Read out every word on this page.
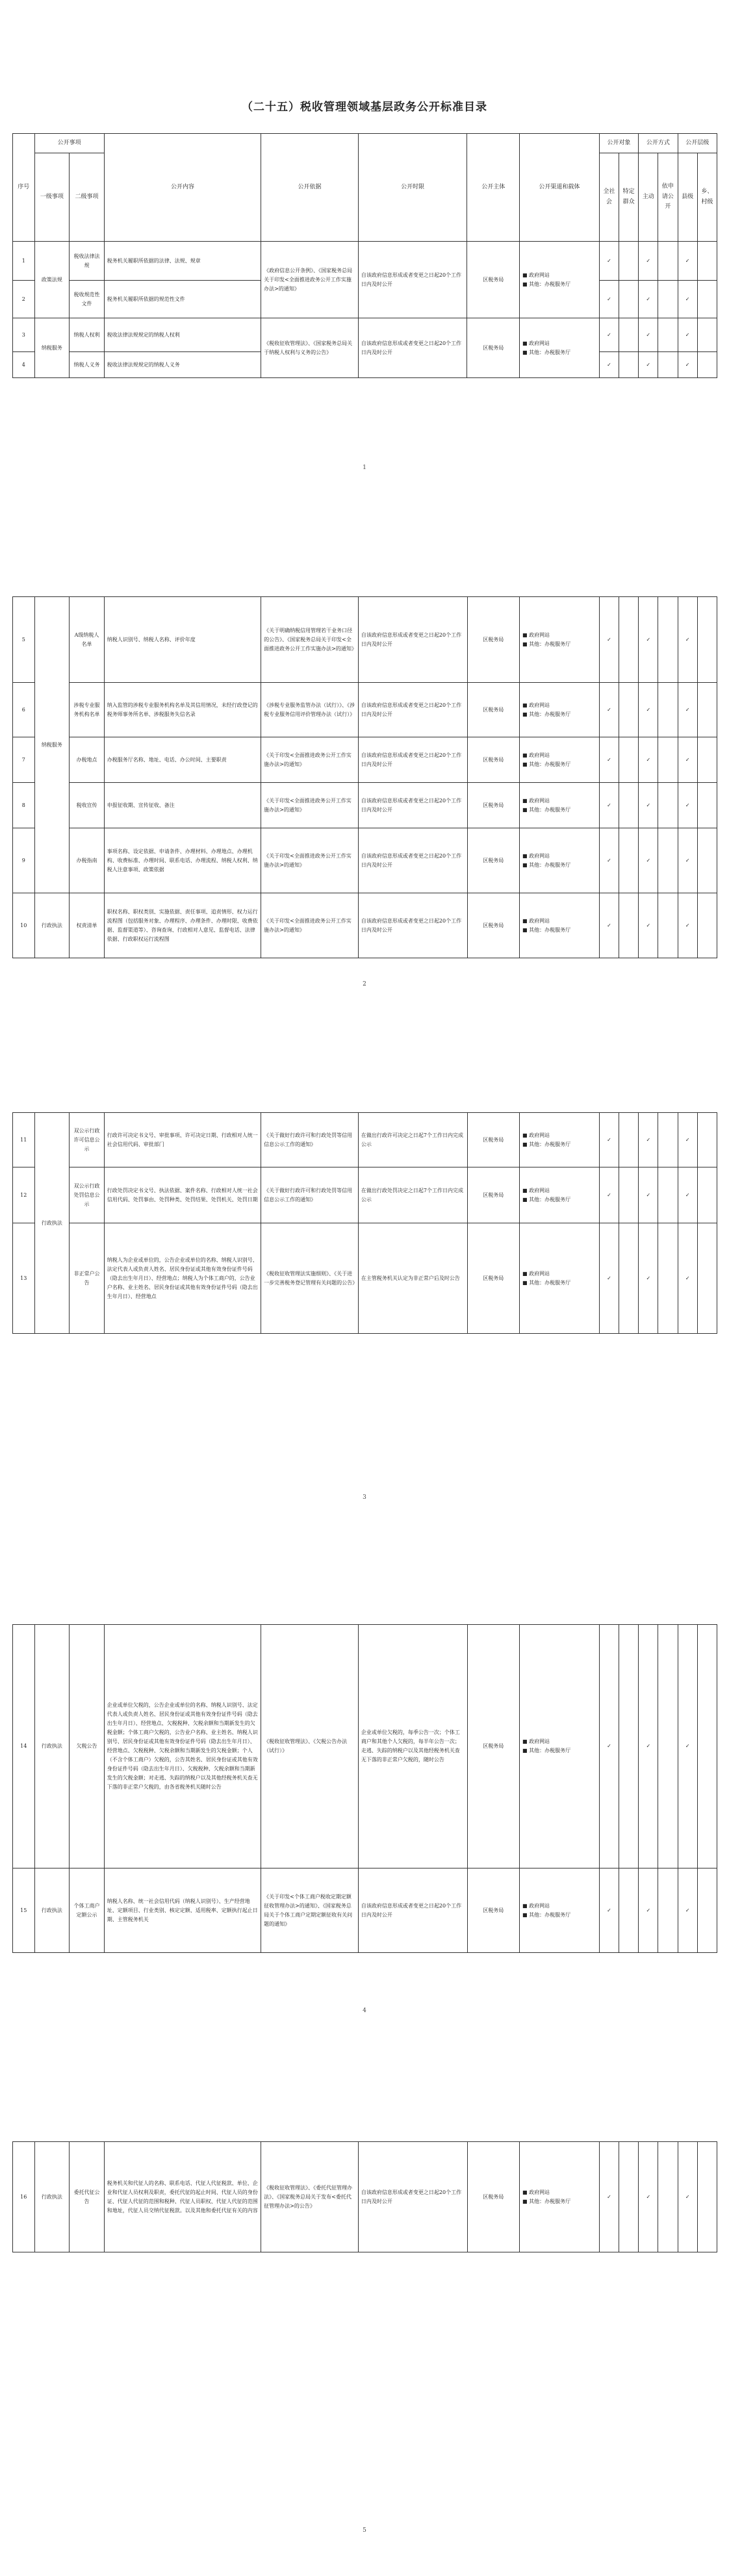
（二十五）税收管理领域基层政务公开标准目录
序号	公开事项		公开内容	公开依据	公开时限	公开主体	公开渠道和载体	公开对象		公开方式		公开层级	
	一级事项	二级事项						全社会	特定群众	主动	依申请公开	县级	乡、村级

1	政策法规	税收法律法规	税务机关履职所依据的法律、法规、规章	《政府信息公开条例》、《国家税务总局关于印发<全面推进政务公开工作实施办法>的通知》	自该政府信息形成或者变更之日起20个工作日内及时公开	区税务局	■ 政府网站
■ 其他：办税服务厅	✓		✓		✓	
2		税收规范性文件	税务机关履职所依据的规范性文件					✓		✓		✓	
3	纳税服务	纳税人权利	税收法律法规规定的纳税人权利	《税收征收管理法》、《国家税务总局关于纳税人权利与义务的公告》	自该政府信息形成或者变更之日起20个工作日内及时公开	区税务局	■ 政府网站
■ 其他：办税服务厅	✓		✓		✓	
4		纳税人义务	税收法律法规规定的纳税人义务					✓		✓		✓	
1
5	纳税服务	A级纳税人名单	纳税人识别号、纳税人名称、评价年度	《关于明确纳税信用管理若干业务口径的公告》、《国家税务总局关于印发<全面推进政务公开工作实施办法>的通知》	自该政府信息形成或者变更之日起20个工作日内及时公开	区税务局	■ 政府网站
■ 其他：办税服务厅	✓		✓		✓	
6		涉税专业服务机构名单	纳入监管的涉税专业服务机构名单及其信用情况，未经行政登记的税务师事务所名单、涉税服务失信名录	《涉税专业服务监管办法（试行）》、《涉税专业服务信用评价管理办法（试行）》	自该政府信息形成或者变更之日起20个工作日内及时公开	区税务局	■ 政府网站
■ 其他：办税服务厅	✓		✓		✓	
7		办税地点	办税服务厅名称、地址、电话、办公时间、主要职责	《关于印发<全面推进政务公开工作实施办法>的通知》	自该政府信息形成或者变更之日起20个工作日内及时公开	区税务局	■ 政府网站
■ 其他：办税服务厅	✓		✓		✓	
8		税收宣传	申报征收期、宣传征收、备注	《关于印发<全面推进政务公开工作实施办法>的通知》	自该政府信息形成或者变更之日起20个工作日内及时公开	区税务局	■ 政府网站
■ 其他：办税服务厅	✓		✓		✓	
9		办税指南	事项名称、设定依据、申请条件、办理材料、办理地点、办理机构、收费标准、办理时间、联系电话、办理流程、纳税人权利、纳税人注意事项、政策依据	《关于印发<全面推进政务公开工作实施办法>的通知》	自该政府信息形成或者变更之日起20个工作日内及时公开	区税务局	■ 政府网站
■ 其他：办税服务厅	✓		✓		✓	
10	行政执法	权责清单	职权名称、职权类别、实施依据、责任事项、追责情形、权力运行流程图（包括服务对象、办理程序、办理条件、办理时限、收费依据、监督渠道等）、咨询查询、行政相对人意见、监督电话、法律依据、行政职权运行流程图	《关于印发<全面推进政务公开工作实施办法>的通知》	自该政府信息形成或者变更之日起20个工作日内及时公开	区税务局	■ 政府网站
■ 其他：办税服务厅	✓		✓		✓	
2
11	行政执法	双公示行政许可信息公示	行政许可决定书文号、审批事项、许可决定日期、行政相对人统一社会信用代码、审批部门	《关于做好行政许可和行政处罚等信用信息公示工作的通知》	在做出行政许可决定之日起7个工作日内完成公示	区税务局	■ 政府网站
■ 其他：办税服务厅	✓		✓		✓	
12		双公示行政处罚信息公示	行政处罚决定书文号、执法依据、案件名称、行政相对人统一社会信用代码、处罚事由、处罚种类、处罚结果、处罚机关、处罚日期	《关于做好行政许可和行政处罚等信用信息公示工作的通知》	在做出行政处罚决定之日起7个工作日内完成公示	区税务局	■ 政府网站
■ 其他：办税服务厅	✓		✓		✓	
13		非正常户公告	纳税人为企业或单位的，公告企业或单位的名称、纳税人识别号、法定代表人或负责人姓名、居民身份证或其他有效身份证件号码（隐去出生年月日）、经营地点；纳税人为个体工商户的，公告业户名称、业主姓名、居民身份证或其他有效身份证件号码（隐去出生年月日）、经营地点	《税收征收管理法实施细则》、《关于进一步完善税务登记管理有关问题的公告》	在主管税务机关认定为非正常户后及时公告	区税务局	■ 政府网站
■ 其他：办税服务厅	✓		✓		✓	
3
14	行政执法	欠税公告	企业或单位欠税的，公告企业或单位的名称、纳税人识别号、法定代表人或负责人姓名、居民身份证或其他有效身份证件号码（隐去出生年月日）、经营地点、欠税税种、欠税余额和当期新发生的欠税金额；个体工商户欠税的，公告业户名称、业主姓名、纳税人识别号、居民身份证或其他有效身份证件号码（隐去出生年月日）、经营地点、欠税税种、欠税余额和当期新发生的欠税金额；个人（不含个体工商户）欠税的，公告其姓名、居民身份证或其他有效身份证件号码（隐去出生年月日）、欠税税种、欠税余额和当期新发生的欠税金额；对走逃、失踪的纳税户以及其他经税务机关查无下落的非正常户欠税的，由各省税务机关随时公告	《税收征收管理法》、《欠税公告办法（试行）》	企业或单位欠税的，每季公告一次；个体工商户和其他个人欠税的，每半年公告一次；走逃、失踪的纳税户以及其他经税务机关查无下落的非正常户欠税的，随时公告	区税务局	■ 政府网站
■ 其他：办税服务厅	✓		✓		✓	
15	行政执法	个体工商户定额公示	纳税人名称、统一社会信用代码（纳税人识别号）、生产经营地址、定额项目、行业类别、核定定额、适用税率、定额执行起止日期、主管税务机关	《关于印发<个体工商户税收定期定额征收管理办法>的通知》、《国家税务总局关于个体工商户定期定额征收有关问题的通知》	自该政府信息形成或者变更之日起20个工作日内及时公开	区税务局	■ 政府网站
■ 其他：办税服务厅	✓		✓		✓	
4
16	行政执法	委托代征公告	税务机关和代征人的名称、联系电话、代征人代征税款、单位、企业和代征人员权利及职责，委托代征的起止时间、代征人员的身份证、代征人代征的范围和税种、代征人员职权、代征人代征的范围和地址，代征人员交纳代征税款。以及其他和委托代征有关的内容	《税收征收管理法》、《委托代征管理办法》、《国家税务总局关于发布<委托代征管理办法>的公告》	自该政府信息形成或者变更之日起20个工作日内及时公开	区税务局	■ 政府网站
■ 其他：办税服务厅	✓		✓		✓	
5
